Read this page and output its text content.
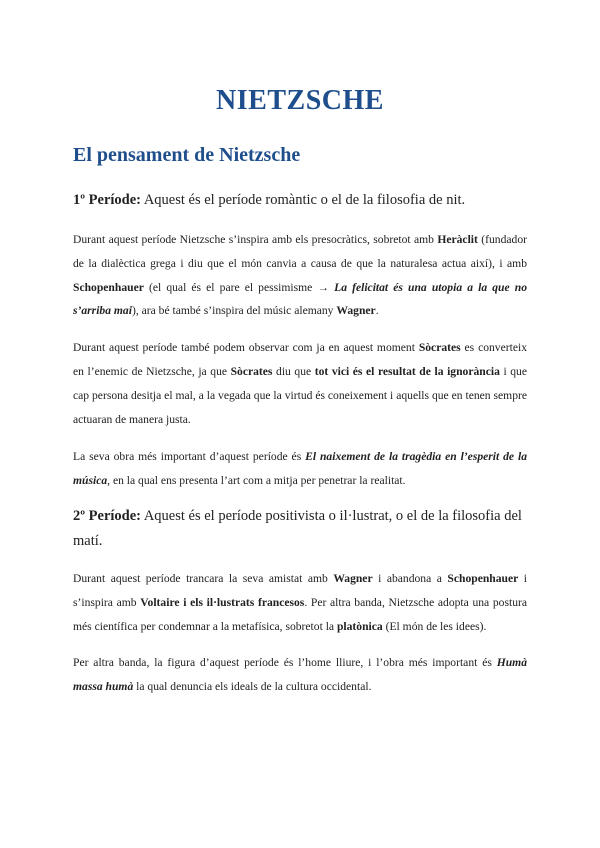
NIETZSCHE
El pensament de Nietzsche

1º Període: Aquest és el període romàntic o el de la filosofia de nit.

Durant aquest període Nietzsche s’inspira amb els presocràtics, sobretot amb Heràclit (fundador de la dialèctica grega i diu que el món canvia a causa de que la naturalesa actua així), i amb Schopenhauer (el qual és el pare el pessimisme → La felicitat és una utopia a la que no s’arriba mai), ara bé també s’inspira del músic alemany Wagner.

Durant aquest període també podem observar com ja en aquest moment Sòcrates es converteix en l’enemic de Nietzsche, ja que Sòcrates diu que tot vici és el resultat de la ignorància i que cap persona desitja el mal, a la vegada que la virtud és coneixement i aquells que en tenen sempre actuaran de manera justa.

La seva obra més important d’aquest període és El naixement de la tragèdia en l’esperit de la música, en la qual ens presenta l’art com a mitja per penetrar la realitat.

2º Període: Aquest és el període positivista o il·lustrat, o el de la filosofia del matí.

Durant aquest període trancara la seva amistat amb Wagner i abandona a Schopenhauer i s’inspira amb Voltaire i els il·lustrats francesos. Per altra banda, Nietzsche adopta una postura més científica per condemnar a la metafísica, sobretot la platònica (El món de les idees).

Per altra banda, la figura d’aquest període és l’home lliure, i l’obra més important és Humà massa humà la qual denuncia els ideals de la cultura occidental.
